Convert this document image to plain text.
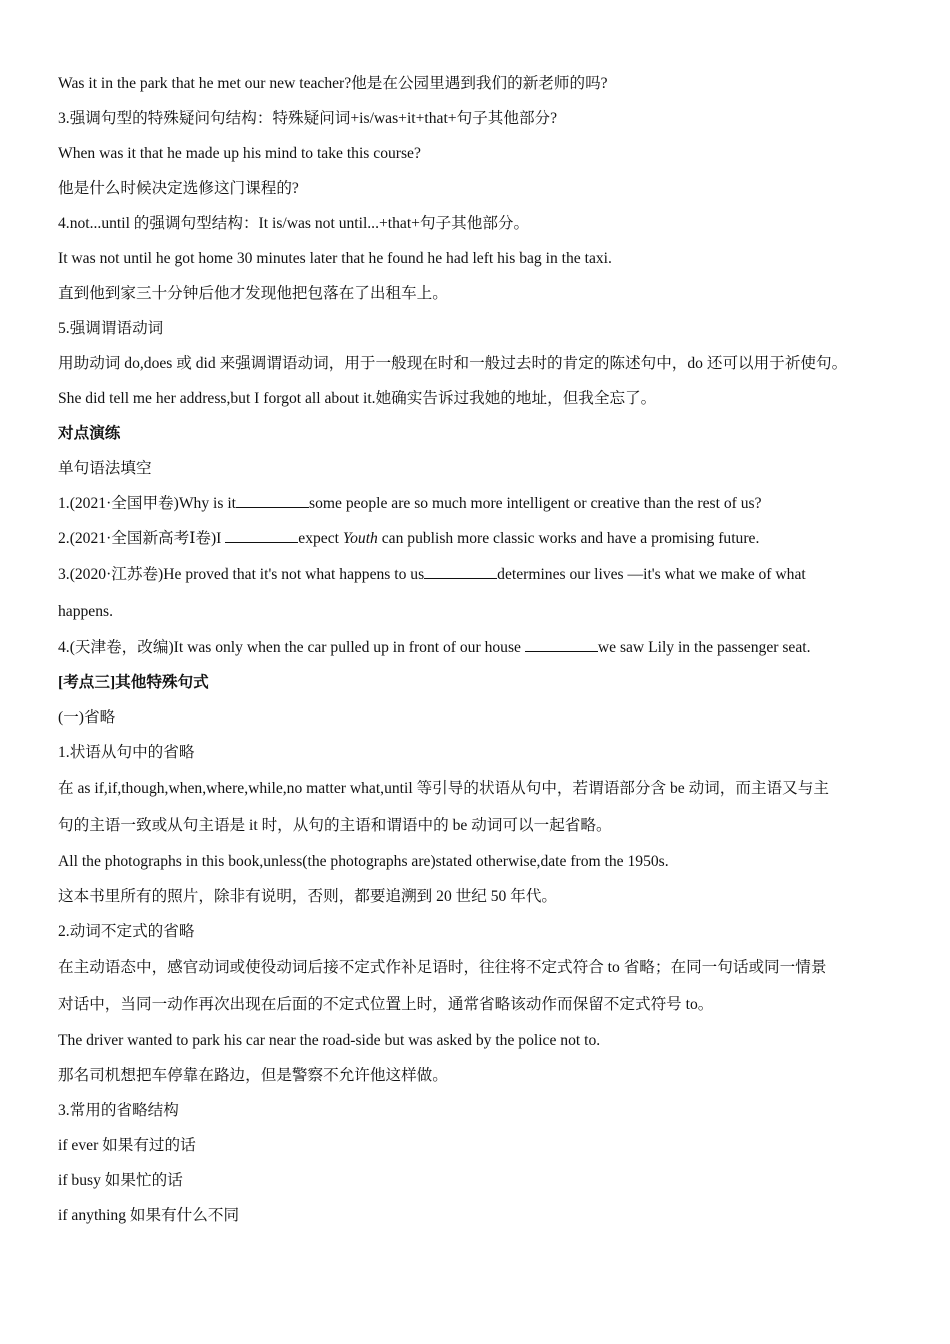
Was it in the park that he met our new teacher?他是在公园里遇到我们的新老师的吗?

3.强调句型的特殊疑问句结构：特殊疑问词+is/was+it+that+句子其他部分?

When was it that he made up his mind to take this course?

他是什么时候决定选修这门课程的?

4.not...until 的强调句型结构：It is/was not until...+that+句子其他部分。

It was not until he got home 30 minutes later that he found he had left his bag in the taxi.

直到他到家三十分钟后他才发现他把包落在了出租车上。

5.强调谓语动词

用助动词 do,does 或 did 来强调谓语动词，用于一般现在时和一般过去时的肯定的陈述句中，do 还可以用于祈使句。

She did tell me her address,but I forgot all about it.她确实告诉过我她的地址，但我全忘了。

对点演练

单句语法填空

1.(2021·全国甲卷)Why is it	some people are so much more intelligent or creative than the rest of us?

2.(2021·全国新高考Ⅰ卷)I	expect Youth can publish more classic works and have a promising future.

3.(2020·江苏卷)He proved that it's not what happens to us	determines our lives —it's what we make of what

happens.

4.(天津卷，改编)It was only when the car pulled up in front of our house	we saw Lily in the passenger seat.

[考点三]其他特殊句式

(一)省略

1.状语从句中的省略

在 as if,if,though,when,where,while,no matter what,until 等引导的状语从句中，若谓语部分含 be 动词，而主语又与主

句的主语一致或从句主语是 it 时，从句的主语和谓语中的 be 动词可以一起省略。

All the photographs in this book,unless(the photographs are)stated otherwise,date from the 1950s.

这本书里所有的照片，除非有说明，否则，都要追溯到 20 世纪 50 年代。

2.动词不定式的省略

在主动语态中，感官动词或使役动词后接不定式作补足语时，往往将不定式符合 to 省略；在同一句话或同一情景

对话中，当同一动作再次出现在后面的不定式位置上时，通常省略该动作而保留不定式符号 to。

The driver wanted to park his car near the road-side but was asked by the police not to.

那名司机想把车停靠在路边，但是警察不允许他这样做。

3.常用的省略结构

if ever 如果有过的话

if busy 如果忙的话

if anything 如果有什么不同
